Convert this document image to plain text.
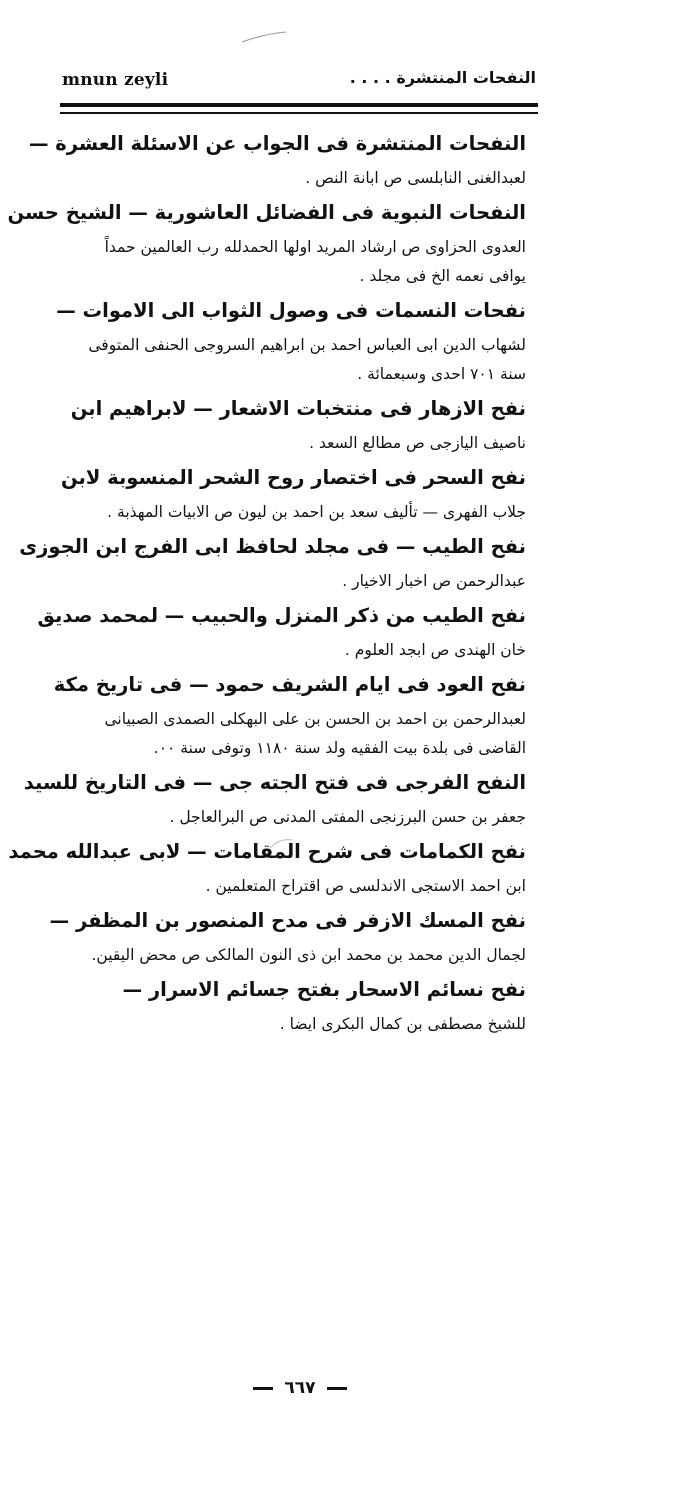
mnun zeyli	النفحات المنتشرة . . . .
النفحات المنتشرة فى الجواب عن الاسئلة العشرة —
لعبدالغنى النابلسى ص ابانة النص .
النفحات النبوية فى الفضائل العاشورية — الشيخ حسن
العدوى الحزاوى ص ارشاد المريد اولها الحمدلله رب العالمين حمداً يوافى نعمه الخ فى مجلد .
نفحات النسمات فى وصول الثواب الى الاموات —
لشهاب الدين ابى العباس احمد بن ابراهيم السروجى الحنفى المتوفى سنة ٧٠١ احدى وسبعمائة .
نفح الازهار فى منتخبات الاشعار — لابراهيم ابن
ناصيف اليازجى ص مطالع السعد .
نفح السحر فى اختصار روح الشحر المنسوبة لابن
جلاب الفهرى — تأليف سعد بن احمد بن ليون ص الابيات المهذبة .
نفح الطيب — فى مجلد لحافظ ابى الفرج ابن الجوزى
عبدالرحمن ص اخبار الاخيار .
نفح الطيب من ذكر المنزل والحبيب — لمحمد صديق
خان الهندى ص ابجد العلوم .
نفح العود فى ايام الشريف حمود — فى تاريخ مكة
لعبدالرحمن بن احمد بن الحسن بن على البهكلى الصمدى الصبيانى القاضى فى بلدة بيت الفقيه ولد سنة ١١٨٠ وتوفى سنة ٠٠.
النفح الفرجى فى فتح الجته جى — فى التاريخ للسيد
جعفر بن حسن البرزنجى المفتى المدنى ص البرالعاجل .
نفح الكمامات فى شرح المقامات — لابى عبدالله محمد
ابن احمد الاستجى الاندلسى ص اقتراح المتعلمين .
نفح المسك الازفر فى مدح المنصور بن المظفر —
لجمال الدين محمد بن محمد ابن ذى النون المالكى ص محض اليقين.
نفح نسائم الاسحار بفتح جسائم الاسرار —
للشيخ مصطفى بن كمال البكرى ايضا .
٦٦٧
